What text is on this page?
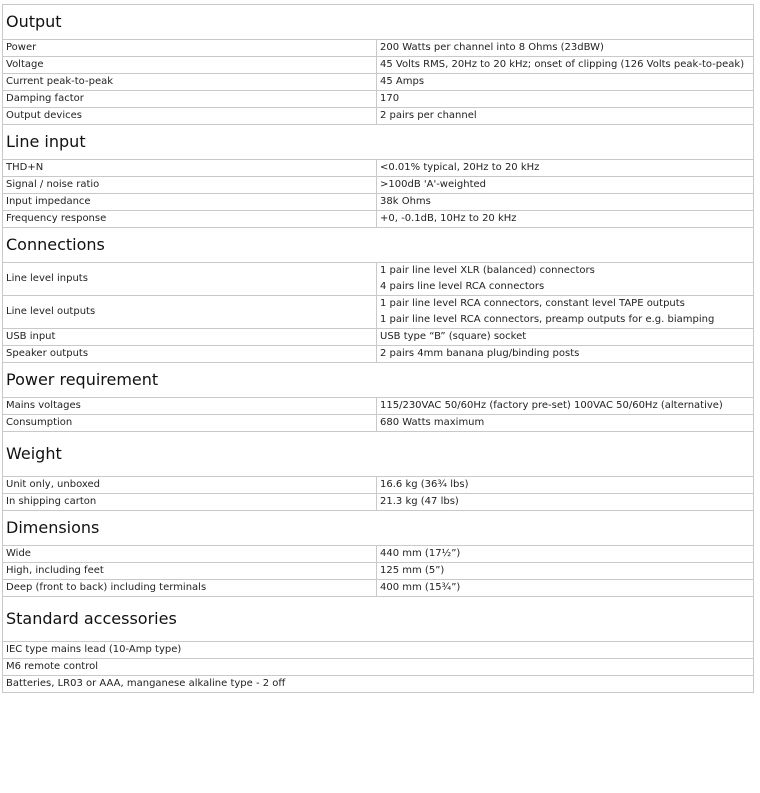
Output	
Power	200 Watts per channel into 8 Ohms (23dBW)

Voltage	45 Volts RMS, 20Hz to 20 kHz; onset of clipping (126 Volts peak-to-peak)

Current peak-to-peak	45 Amps

Damping factor	170

Output devices	2 pairs per channel

Line input	
THD+N	<0.01% typical, 20Hz to 20 kHz

Signal / noise ratio	>100dB 'A'-weighted

Input impedance	38k Ohms

Frequency response	+0, -0.1dB, 10Hz to 20 kHz

Connections	
Line level inputs	1 pair line level XLR (balanced) connectors
4 pairs line level RCA connectors

Line level outputs	1 pair line level RCA connectors, constant level TAPE outputs
1 pair line level RCA connectors, preamp outputs for e.g. biamping

USB input	USB type “B” (square) socket

Speaker outputs	2 pairs 4mm banana plug/binding posts

Power requirement	
Mains voltages	115/230VAC 50/60Hz (factory pre-set) 100VAC 50/60Hz (alternative)

Consumption	680 Watts maximum

Weight	
Unit only, unboxed	16.6 kg (36¾ lbs)

In shipping carton	21.3 kg (47 lbs)

Dimensions	
Wide	440 mm (17½”)

High, including feet	125 mm (5”)

Deep (front to back) including terminals	400 mm (15¾”)

Standard accessories	
IEC type mains lead (10-Amp type)	
M6 remote control	
Batteries, LR03 or AAA, manganese alkaline type - 2 off	
